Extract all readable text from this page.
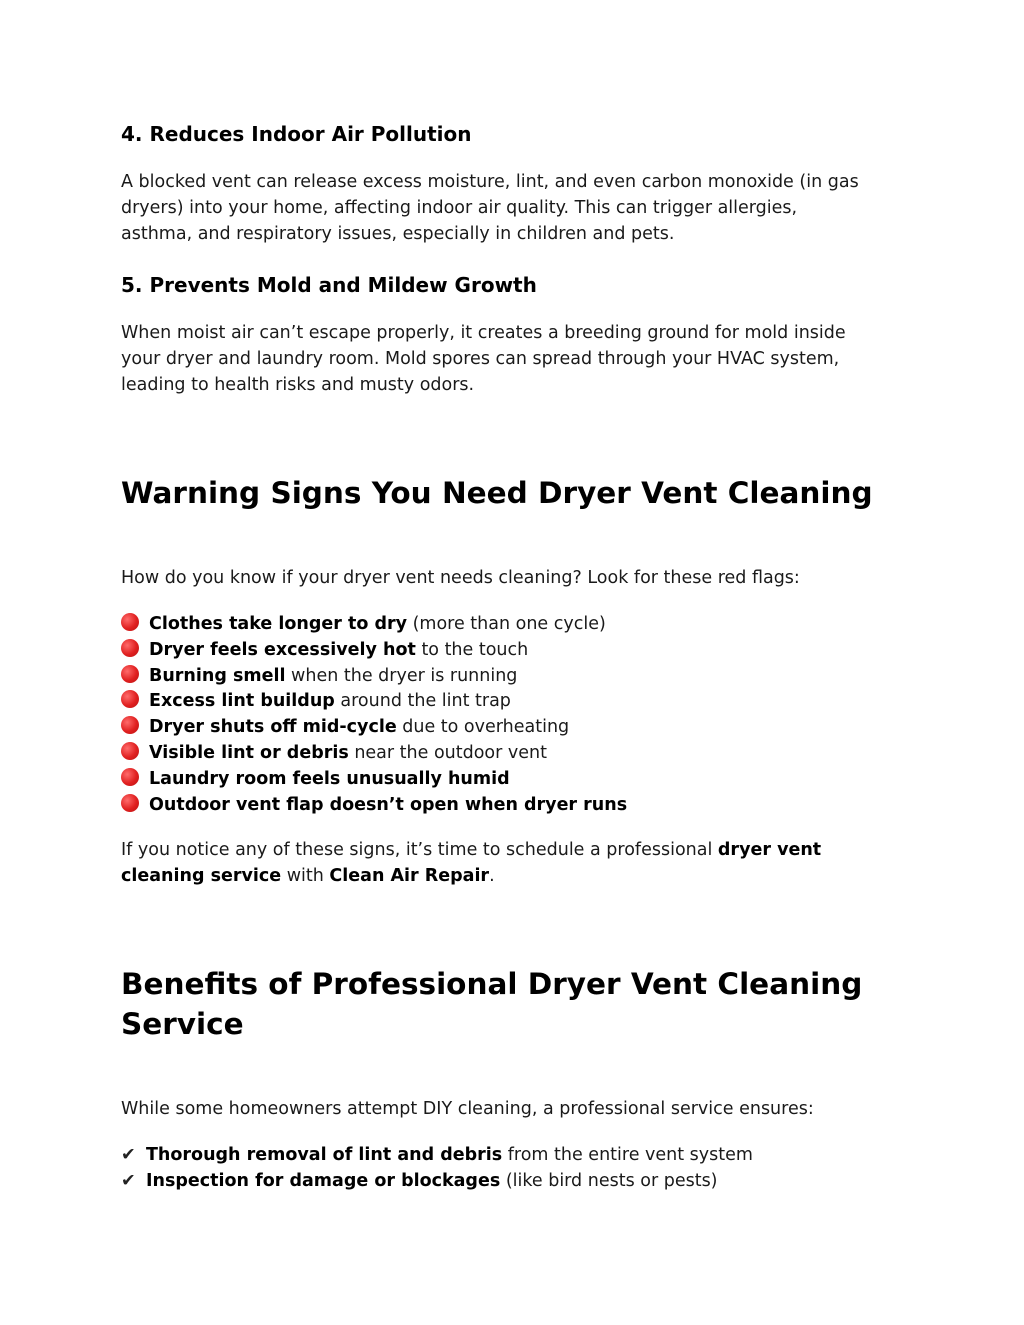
4. Reduces Indoor Air Pollution
A blocked vent can release excess moisture, lint, and even carbon monoxide (in gas
dryers) into your home, affecting indoor air quality. This can trigger allergies,
asthma, and respiratory issues, especially in children and pets.
5. Prevents Mold and Mildew Growth
When moist air can’t escape properly, it creates a breeding ground for mold inside
your dryer and laundry room. Mold spores can spread through your HVAC system,
leading to health risks and musty odors.
Warning Signs You Need Dryer Vent Cleaning
How do you know if your dryer vent needs cleaning? Look for these red flags:
Clothes take longer to dry (more than one cycle)
Dryer feels excessively hot to the touch
Burning smell when the dryer is running
Excess lint buildup around the lint trap
Dryer shuts off mid-cycle due to overheating
Visible lint or debris near the outdoor vent
Laundry room feels unusually humid
Outdoor vent flap doesn’t open when dryer runs
If you notice any of these signs, it’s time to schedule a professional dryer vent
cleaning service with Clean Air Repair.
Benefits of Professional Dryer Vent Cleaning
Service
While some homeowners attempt DIY cleaning, a professional service ensures:
✔ Thorough removal of lint and debris from the entire vent system
✔ Inspection for damage or blockages (like bird nests or pests)
